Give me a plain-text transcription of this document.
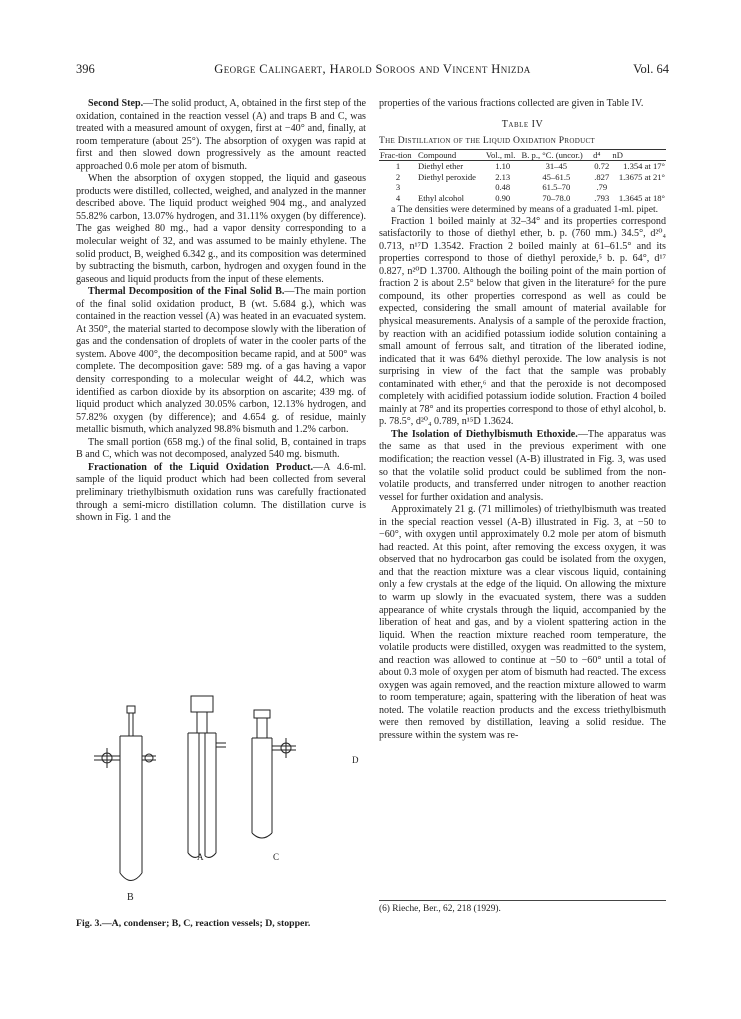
396	George Calingaert, Harold Soroos and Vincent Hnizda	Vol. 64

Second Step.—The solid product, A, obtained in the first step of the oxidation, contained in the reaction vessel (A) and traps B and C, was treated with a measured amount of oxygen, first at −40° and, finally, at room temperature (about 25°). The absorption of oxygen was rapid at first and then slowed down progressively as the amount reacted approached 0.6 mole per atom of bismuth.

When the absorption of oxygen stopped, the liquid and gaseous products were distilled, collected, weighed, and analyzed in the manner described above. The liquid product weighed 904 mg., and analyzed 55.82% carbon, 13.07% hydrogen, and 31.11% oxygen (by difference). The gas weighed 80 mg., had a vapor density corresponding to a molecular weight of 32, and was assumed to be mainly ethylene. The solid product, B, weighed 6.342 g., and its composition was determined by subtracting the bismuth, carbon, hydrogen and oxygen found in the gaseous and liquid products from the input of these elements.

Thermal Decomposition of the Final Solid B.—The main portion of the final solid oxidation product, B (wt. 5.684 g.), which was contained in the reaction vessel (A) was heated in an evacuated system. At 350°, the material started to decompose slowly with the liberation of gas and the condensation of droplets of water in the cooler parts of the system. Above 400°, the decomposition became rapid, and at 500° was complete. The decomposition gave: 589 mg. of a gas having a vapor density corresponding to a molecular weight of 44.2, which was identified as carbon dioxide by its absorption on ascarite; 439 mg. of liquid product which analyzed 30.05% carbon, 12.13% hydrogen, and 57.82% oxygen (by difference); and 4.654 g. of residue, mainly metallic bismuth, which analyzed 98.8% bismuth and 1.2% carbon.

The small portion (658 mg.) of the final solid, B, contained in traps B and C, which was not decomposed, analyzed 540 mg. bismuth.

Fractionation of the Liquid Oxidation Product.—A 4.6-ml. sample of the liquid product which had been collected from several preliminary triethylbismuth oxidation runs was carefully fractionated through a semi-micro distillation column. The distillation curve is shown in Fig. 1 and the

B
A	C
D
Fig. 3.—A, condenser; B, C, reaction vessels; D, stopper.

properties of the various fractions collected are given in Table IV.

Table IV
The Distillation of the Liquid Oxidation Product
Frac-tion	Compound	Vol., ml.	B. p., °C. (uncor.)	d⁴	nD
1	Diethyl ether	1.10	31–45	0.72	1.354 at 17°
2	Diethyl peroxide	2.13	45–61.5	.827	1.3675 at 21°
3		0.48	61.5–70	.79	
4	Ethyl alcohol	0.90	70–78.0	.793	1.3645 at 18°

a The densities were determined by means of a graduated 1-ml. pipet.

Fraction 1 boiled mainly at 32–34° and its properties correspond satisfactorily to those of diethyl ether, b. p. (760 mm.) 34.5°, d²⁰₄ 0.713, n¹⁷D 1.3542. Fraction 2 boiled mainly at 61–61.5° and its properties correspond to those of diethyl peroxide,⁵ b. p. 64°, d¹⁷ 0.827, n²⁰D 1.3700. Although the boiling point of the main portion of fraction 2 is about 2.5° below that given in the literature⁵ for the pure compound, its other properties correspond as well as could be expected, considering the small amount of material available for physical measurements. Analysis of a sample of the peroxide fraction, by reaction with an acidified potassium iodide solution containing a small amount of ferrous salt, and titration of the liberated iodine, indicated that it was 64% diethyl peroxide. The low analysis is not surprising in view of the fact that the sample was probably contaminated with ether,⁶ and that the peroxide is not decomposed completely with acidified potassium iodide solution. Fraction 4 boiled mainly at 78° and its properties correspond to those of ethyl alcohol, b. p. 78.5°, d²⁰₄ 0.789, n¹⁵D 1.3624.

The Isolation of Diethylbismuth Ethoxide.—The apparatus was the same as that used in the previous experiment with one modification; the reaction vessel (A-B) illustrated in Fig. 3, was used so that the volatile solid product could be sublimed from the non-volatile products, and transferred under nitrogen to another reaction vessel for further oxidation and analysis.

Approximately 21 g. (71 millimoles) of triethylbismuth was treated in the special reaction vessel (A-B) illustrated in Fig. 3, at −50 to −60°, with oxygen until approximately 0.2 mole per atom of bismuth had reacted. At this point, after removing the excess oxygen, it was observed that no hydrocarbon gas could be isolated from the oxygen, and that the reaction mixture was a clear viscous liquid, containing only a few crystals at the edge of the liquid. On allowing the mixture to warm up slowly in the evacuated system, there was a sudden appearance of white crystals through the liquid, accompanied by the liberation of heat and gas, and by a violent spattering action in the liquid. When the reaction mixture reached room temperature, the volatile products were distilled, oxygen was readmitted to the system, and reaction was allowed to continue at −50 to −60° until a total of about 0.3 mole of oxygen per atom of bismuth had reacted. The excess oxygen was again removed, and the reaction mixture allowed to warm to room temperature; again, spattering with the liberation of heat was noted. The volatile reaction products and the excess triethylbismuth were then removed by distillation, leaving a solid residue. The pressure within the system was re-

(6) Rieche, Ber., 62, 218 (1929).
